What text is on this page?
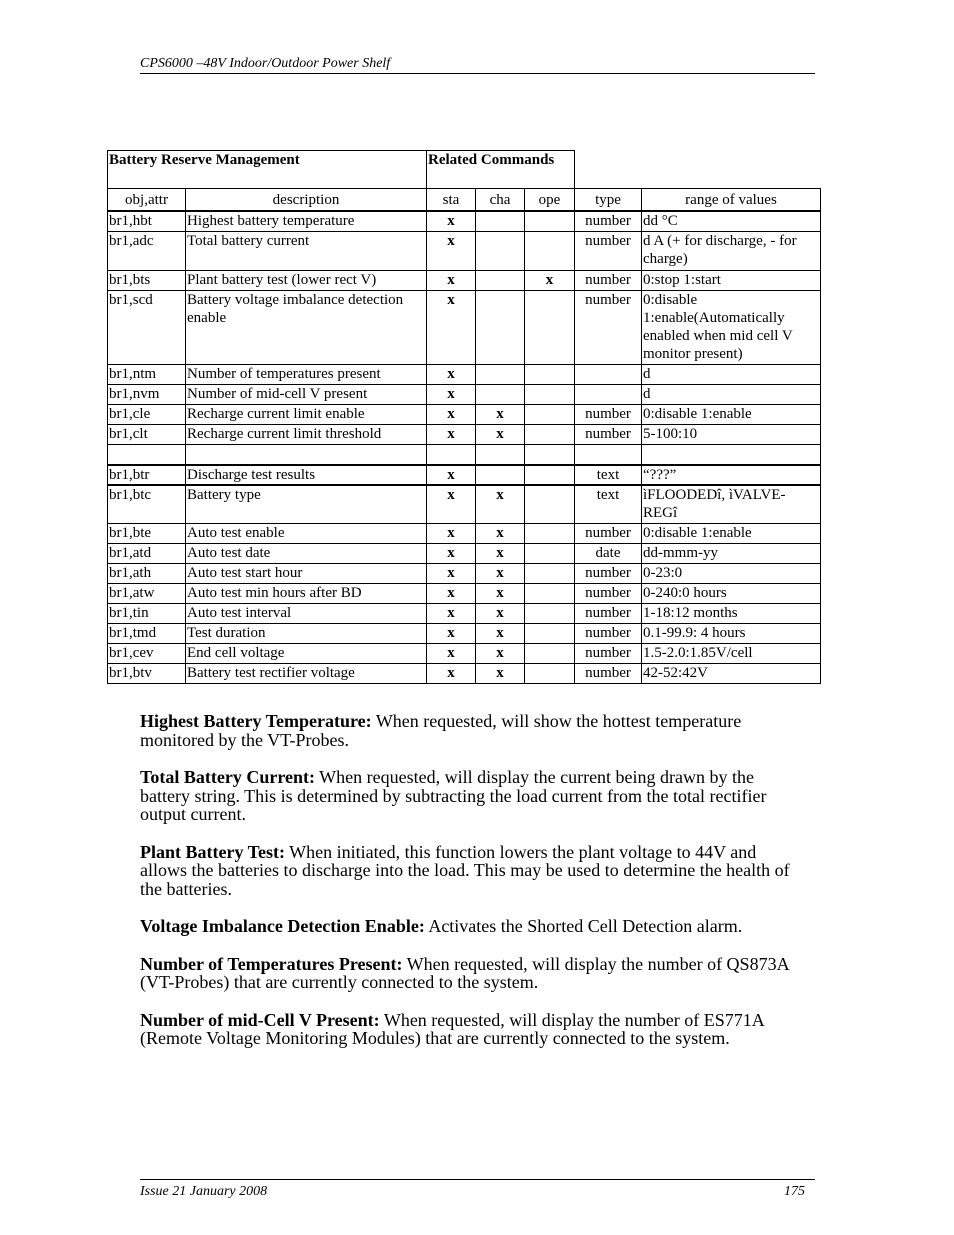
CPS6000 –48V Indoor/Outdoor Power Shelf
Battery Reserve Management		Related Commands				
obj,attr	description	sta	cha	ope	type	range of values
br1,hbt	Highest battery temperature	x			number	dd °C
br1,adc	Total battery current	x			number	d A (+ for discharge, - for charge)
br1,bts	Plant battery test (lower rect V)	x		x	number	0:stop 1:start
br1,scd	Battery voltage imbalance detection enable	x			number	0:disable 1:enable(Automatically enabled when mid cell V monitor present)
br1,ntm	Number of temperatures present	x				d
br1,nvm	Number of mid-cell V present	x				d
br1,cle	Recharge current limit enable	x	x		number	0:disable 1:enable
br1,clt	Recharge current limit threshold	x	x		number	5-100:10

br1,btr	Discharge test results	x			text	“???”
br1,btc	Battery type	x	x		text	ìFLOODEDî, ìVALVE-REGî
br1,bte	Auto test enable	x	x		number	0:disable 1:enable
br1,atd	Auto test date	x	x		date	dd-mmm-yy
br1,ath	Auto test start hour	x	x		number	0-23:0
br1,atw	Auto test min hours after BD	x	x		number	0-240:0 hours
br1,tin	Auto test interval	x	x		number	1-18:12 months
br1,tmd	Test duration	x	x		number	0.1-99.9: 4 hours
br1,cev	End cell voltage	x	x		number	1.5-2.0:1.85V/cell
br1,btv	Battery test rectifier voltage	x	x		number	42-52:42V

Highest Battery Temperature: When requested, will show the hottest temperature monitored by the VT-Probes.

Total Battery Current: When requested, will display the current being drawn by the battery string. This is determined by subtracting the load current from the total rectifier output current.

Plant Battery Test: When initiated, this function lowers the plant voltage to 44V and allows the batteries to discharge into the load. This may be used to determine the health of the batteries.

Voltage Imbalance Detection Enable: Activates the Shorted Cell Detection alarm.

Number of Temperatures Present: When requested, will display the number of QS873A (VT-Probes) that are currently connected to the system.

Number of mid-Cell V Present: When requested, will display the number of ES771A (Remote Voltage Monitoring Modules) that are currently connected to the system.

Issue 21 January 2008	175
